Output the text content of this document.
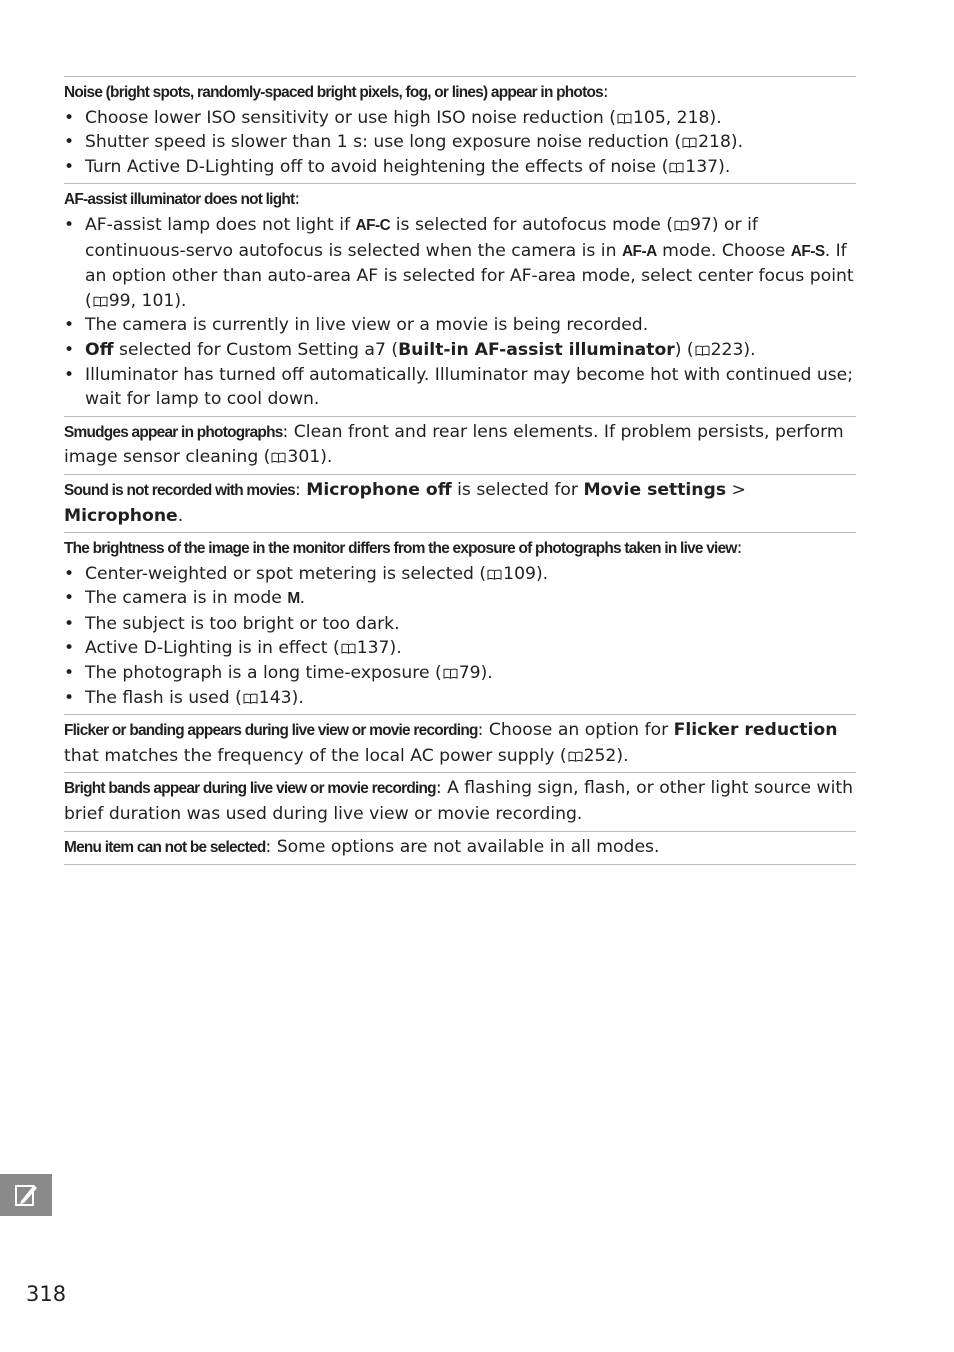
Noise (bright spots, randomly-spaced bright pixels, fog, or lines) appear in photos:

• Choose lower ISO sensitivity or use high ISO noise reduction ( 105, 218).
• Shutter speed is slower than 1 s: use long exposure noise reduction ( 218).
• Turn Active D-Lighting off to avoid heightening the effects of noise ( 137).

AF-assist illuminator does not light:

• AF-assist lamp does not light if AF-C is selected for autofocus mode ( 97) or if continuous-servo autofocus is selected when the camera is in AF-A mode. Choose AF-S. If an option other than auto-area AF is selected for AF-area mode, select center focus point ( 99, 101).
• The camera is currently in live view or a movie is being recorded.
• Off selected for Custom Setting a7 (Built-in AF-assist illuminator) ( 223).
• Illuminator has turned off automatically. Illuminator may become hot with continued use; wait for lamp to cool down.

Smudges appear in photographs: Clean front and rear lens elements. If problem persists, perform image sensor cleaning ( 301).

Sound is not recorded with movies: Microphone off is selected for Movie settings > Microphone.

The brightness of the image in the monitor differs from the exposure of photographs taken in live view:

• Center-weighted or spot metering is selected ( 109).
• The camera is in mode M.
• The subject is too bright or too dark.
• Active D-Lighting is in effect ( 137).
• The photograph is a long time-exposure ( 79).
• The flash is used ( 143).

Flicker or banding appears during live view or movie recording: Choose an option for Flicker reduction that matches the frequency of the local AC power supply ( 252).

Bright bands appear during live view or movie recording: A flashing sign, flash, or other light source with brief duration was used during live view or movie recording.

Menu item can not be selected: Some options are not available in all modes.

318
